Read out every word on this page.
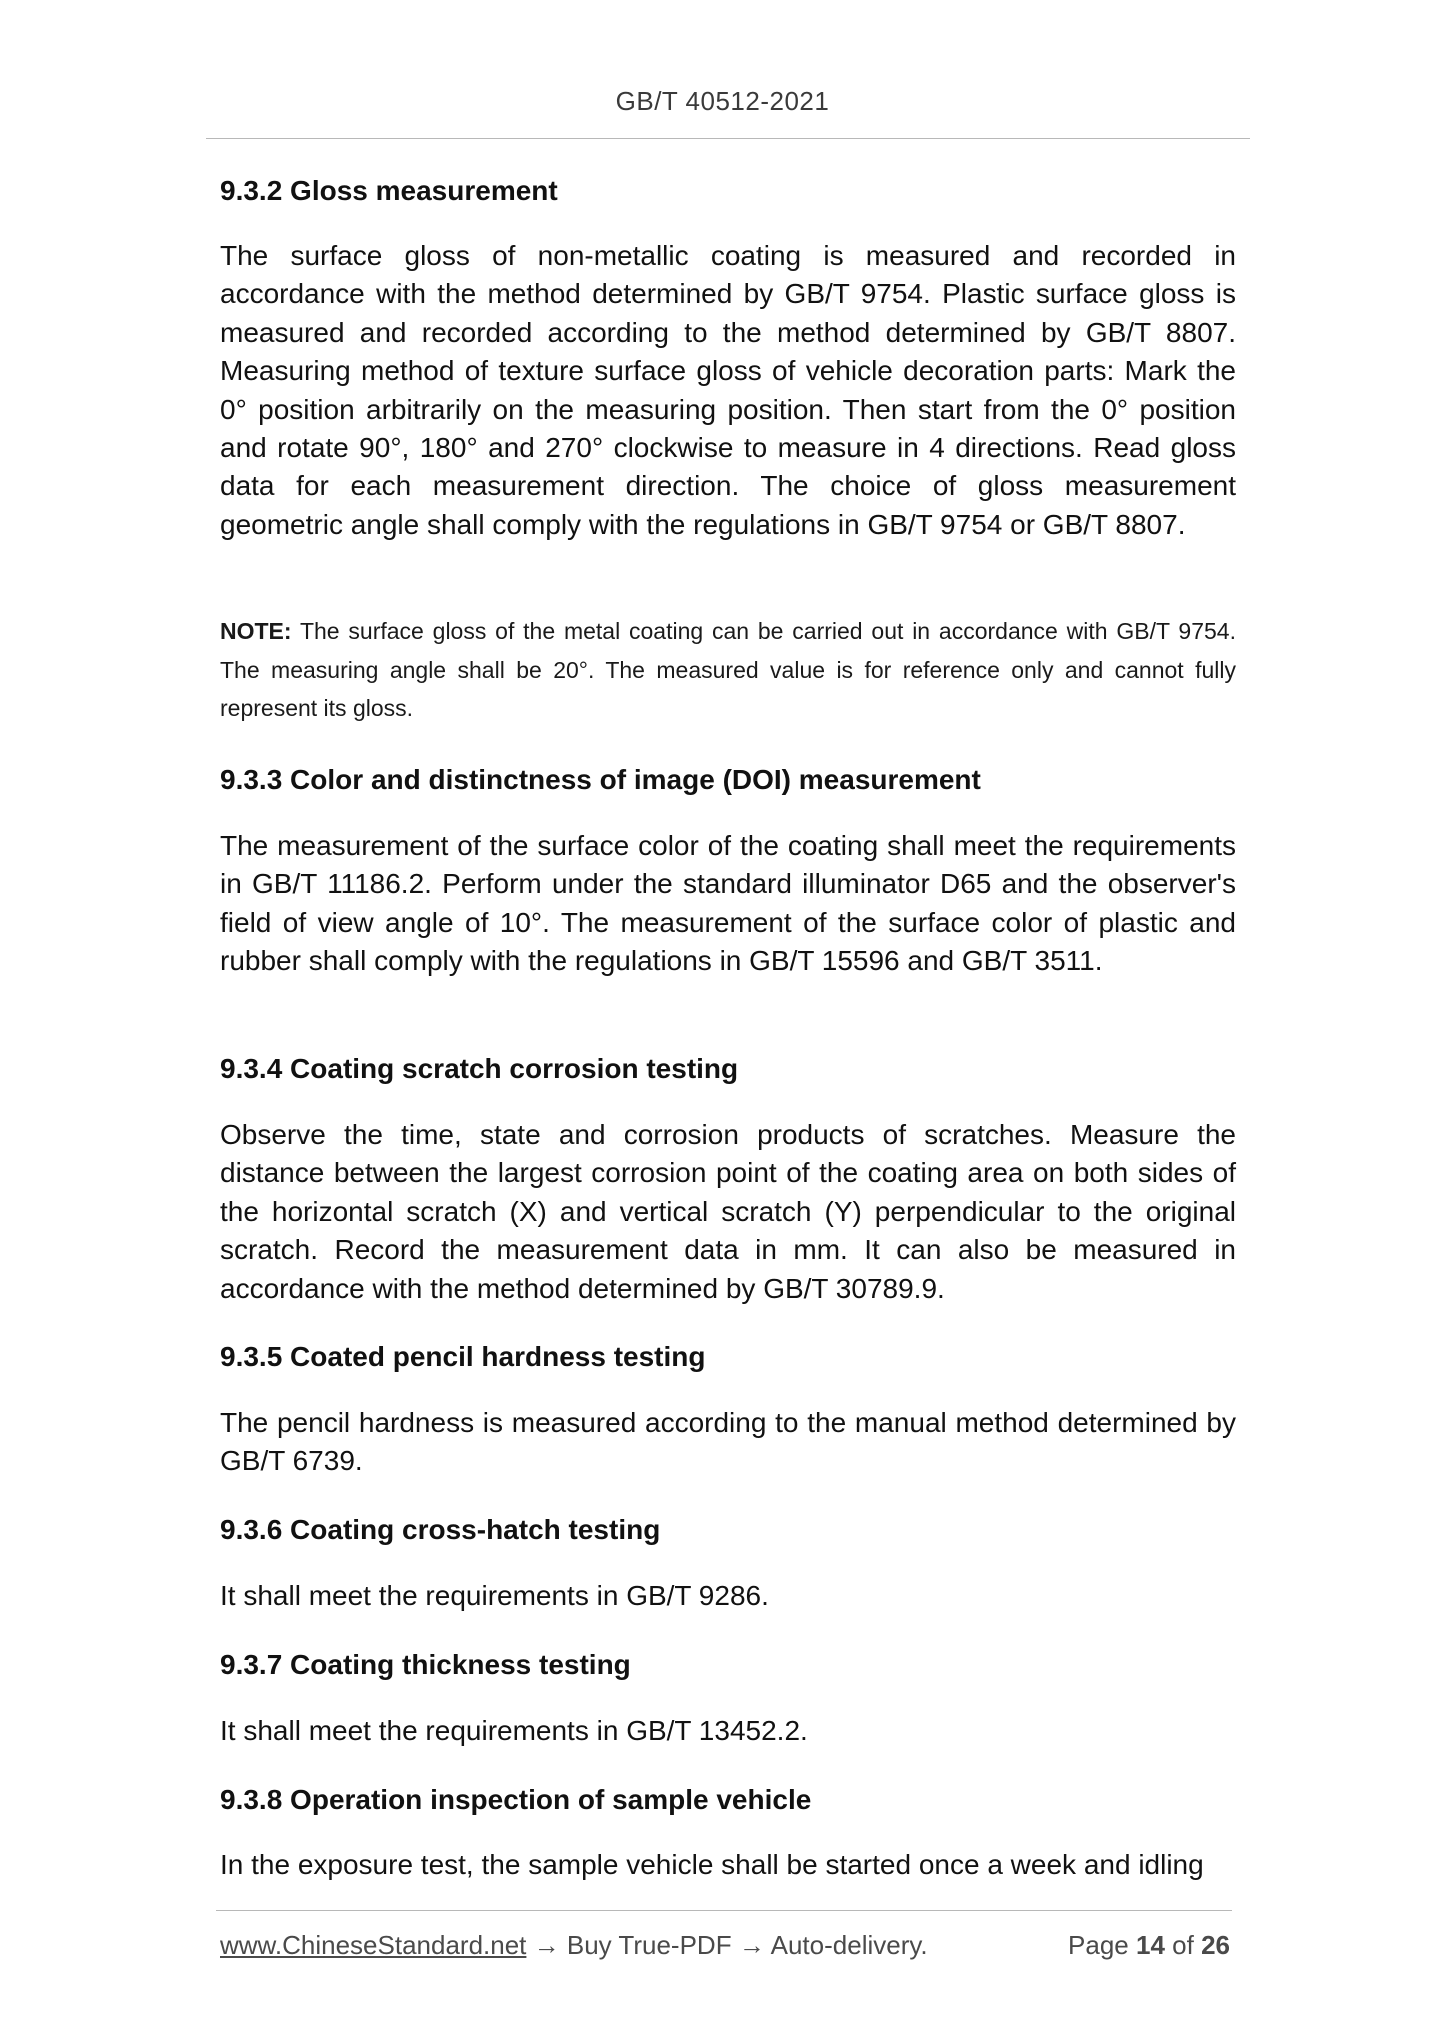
GB/T 40512-2021
9.3.2 Gloss measurement

The surface gloss of non-metallic coating is measured and recorded in accordance with the method determined by GB/T 9754. Plastic surface gloss is measured and recorded according to the method determined by GB/T 8807. Measuring method of texture surface gloss of vehicle decoration parts: Mark the 0° position arbitrarily on the measuring position. Then start from the 0° position and rotate 90°, 180° and 270° clockwise to measure in 4 directions. Read gloss data for each measurement direction. The choice of gloss measurement geometric angle shall comply with the regulations in GB/T 9754 or GB/T 8807.

NOTE: The surface gloss of the metal coating can be carried out in accordance with GB/T 9754. The measuring angle shall be 20°. The measured value is for reference only and cannot fully represent its gloss.

9.3.3 Color and distinctness of image (DOI) measurement

The measurement of the surface color of the coating shall meet the requirements in GB/T 11186.2. Perform under the standard illuminator D65 and the observer's field of view angle of 10°. The measurement of the surface color of plastic and rubber shall comply with the regulations in GB/T 15596 and GB/T 3511.

9.3.4 Coating scratch corrosion testing

Observe the time, state and corrosion products of scratches. Measure the distance between the largest corrosion point of the coating area on both sides of the horizontal scratch (X) and vertical scratch (Y) perpendicular to the original scratch. Record the measurement data in mm. It can also be measured in accordance with the method determined by GB/T 30789.9.

9.3.5 Coated pencil hardness testing

The pencil hardness is measured according to the manual method determined by GB/T 6739.

9.3.6 Coating cross-hatch testing

It shall meet the requirements in GB/T 9286.

9.3.7 Coating thickness testing

It shall meet the requirements in GB/T 13452.2.

9.3.8 Operation inspection of sample vehicle

In the exposure test, the sample vehicle shall be started once a week and idling

www.ChineseStandard.net → Buy True-PDF → Auto-delivery.	Page 14 of 26
